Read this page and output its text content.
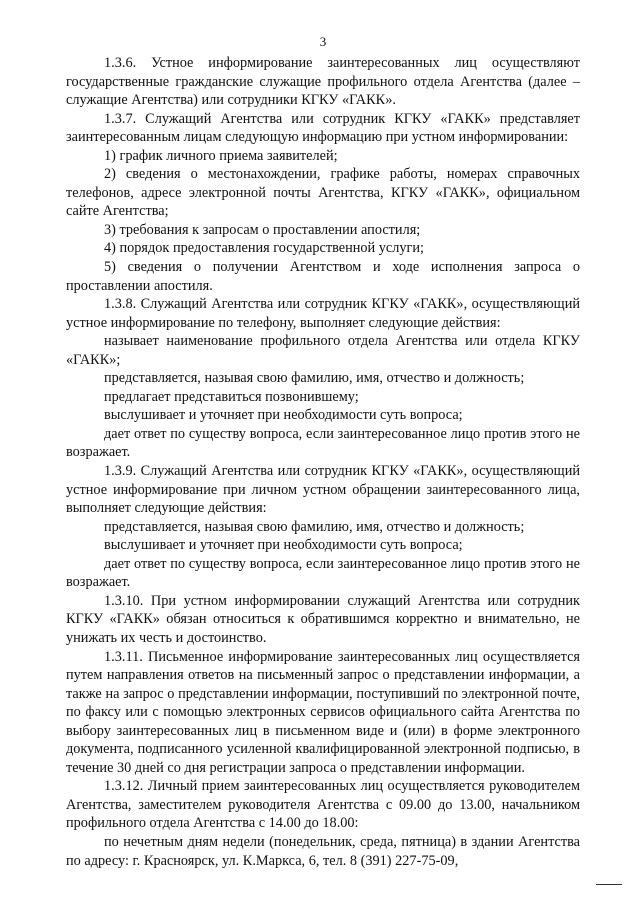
3

1.3.6. Устное информирование заинтересованных лиц осуществляют государственные гражданские служащие профильного отдела Агентства (далее – служащие Агентства) или сотрудники КГКУ «ГАКК».

1.3.7. Служащий Агентства или сотрудник КГКУ «ГАКК» представляет заинтересованным лицам следующую информацию при устном информировании:

1) график личного приема заявителей;

2) сведения о местонахождении, графике работы, номерах справочных телефонов, адресе электронной почты Агентства, КГКУ «ГАКК», официальном сайте Агентства;

3) требования к запросам о проставлении апостиля;

4) порядок предоставления государственной услуги;

5) сведения о получении Агентством и ходе исполнения запроса о проставлении апостиля.

1.3.8. Служащий Агентства или сотрудник КГКУ «ГАКК», осуществляющий устное информирование по телефону, выполняет следующие действия:

называет наименование профильного отдела Агентства или отдела КГКУ «ГАКК»;

представляется, называя свою фамилию, имя, отчество и должность;

предлагает представиться позвонившему;

выслушивает и уточняет при необходимости суть вопроса;

дает ответ по существу вопроса, если заинтересованное лицо против этого не возражает.

1.3.9. Служащий Агентства или сотрудник КГКУ «ГАКК», осуществляющий устное информирование при личном устном обращении заинтересованного лица, выполняет следующие действия:

представляется, называя свою фамилию, имя, отчество и должность;

выслушивает и уточняет при необходимости суть вопроса;

дает ответ по существу вопроса, если заинтересованное лицо против этого не возражает.

1.3.10. При устном информировании служащий Агентства или сотрудник КГКУ «ГАКК» обязан относиться к обратившимся корректно и внимательно, не унижать их честь и достоинство.

1.3.11. Письменное информирование заинтересованных лиц осуществляется путем направления ответов на письменный запрос о представлении информации, а также на запрос о представлении информации, поступивший по электронной почте, по факсу или с помощью электронных сервисов официального сайта Агентства по выбору заинтересованных лиц в письменном виде и (или) в форме электронного документа, подписанного усиленной квалифицированной электронной подписью, в течение 30 дней со дня регистрации запроса о представлении информации.

1.3.12. Личный прием заинтересованных лиц осуществляется руководителем Агентства, заместителем руководителя Агентства с 09.00 до 13.00, начальником профильного отдела Агентства с 14.00 до 18.00:

по нечетным дням недели (понедельник, среда, пятница) в здании Агентства по адресу: г. Красноярск, ул. К.Маркса, 6, тел. 8 (391) 227-75-09,
